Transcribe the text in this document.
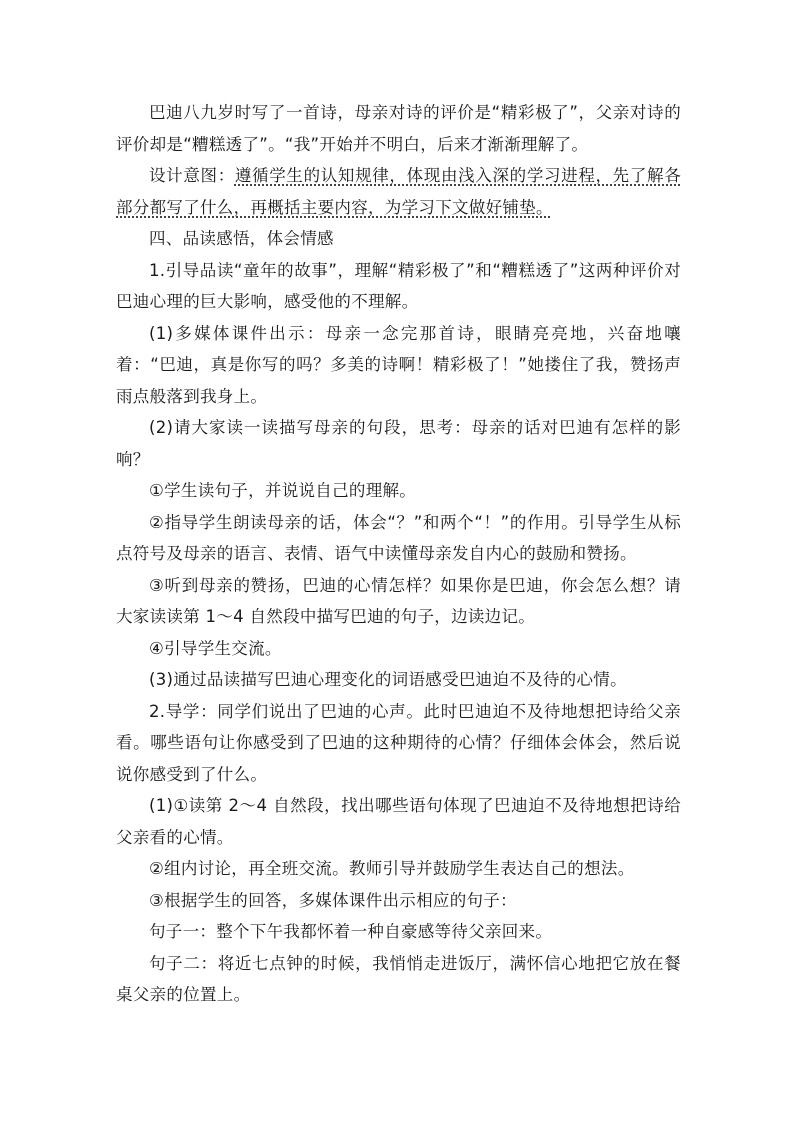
巴迪八九岁时写了一首诗，母亲对诗的评价是“精彩极了”，父亲对诗的评价却是“糟糕透了”。“我”开始并不明白，后来才渐渐理解了。

设计意图：遵循学生的认知规律，体现由浅入深的学习进程，先了解各部分都写了什么，再概括主要内容，为学习下文做好铺垫。

四、品读感悟，体会情感

1.引导品读“童年的故事”，理解“精彩极了”和“糟糕透了”这两种评价对巴迪心理的巨大影响，感受他的不理解。

(1)多媒体课件出示：母亲一念完那首诗，眼睛亮亮地，兴奋地嚷着：“巴迪，真是你写的吗？多美的诗啊！精彩极了！”她搂住了我，赞扬声雨点般落到我身上。

(2)请大家读一读描写母亲的句段，思考：母亲的话对巴迪有怎样的影响？

①学生读句子，并说说自己的理解。

②指导学生朗读母亲的话，体会“？”和两个“！”的作用。引导学生从标点符号及母亲的语言、表情、语气中读懂母亲发自内心的鼓励和赞扬。

③听到母亲的赞扬，巴迪的心情怎样？如果你是巴迪，你会怎么想？请大家读读第 1～4 自然段中描写巴迪的句子，边读边记。

④引导学生交流。

(3)通过品读描写巴迪心理变化的词语感受巴迪迫不及待的心情。

2.导学：同学们说出了巴迪的心声。此时巴迪迫不及待地想把诗给父亲看。哪些语句让你感受到了巴迪的这种期待的心情？仔细体会体会，然后说说你感受到了什么。

(1)①读第 2～4 自然段，找出哪些语句体现了巴迪迫不及待地想把诗给父亲看的心情。

②组内讨论，再全班交流。教师引导并鼓励学生表达自己的想法。

③根据学生的回答，多媒体课件出示相应的句子：

句子一：整个下午我都怀着一种自豪感等待父亲回来。

句子二：将近七点钟的时候，我悄悄走进饭厅，满怀信心地把它放在餐桌父亲的位置上。
